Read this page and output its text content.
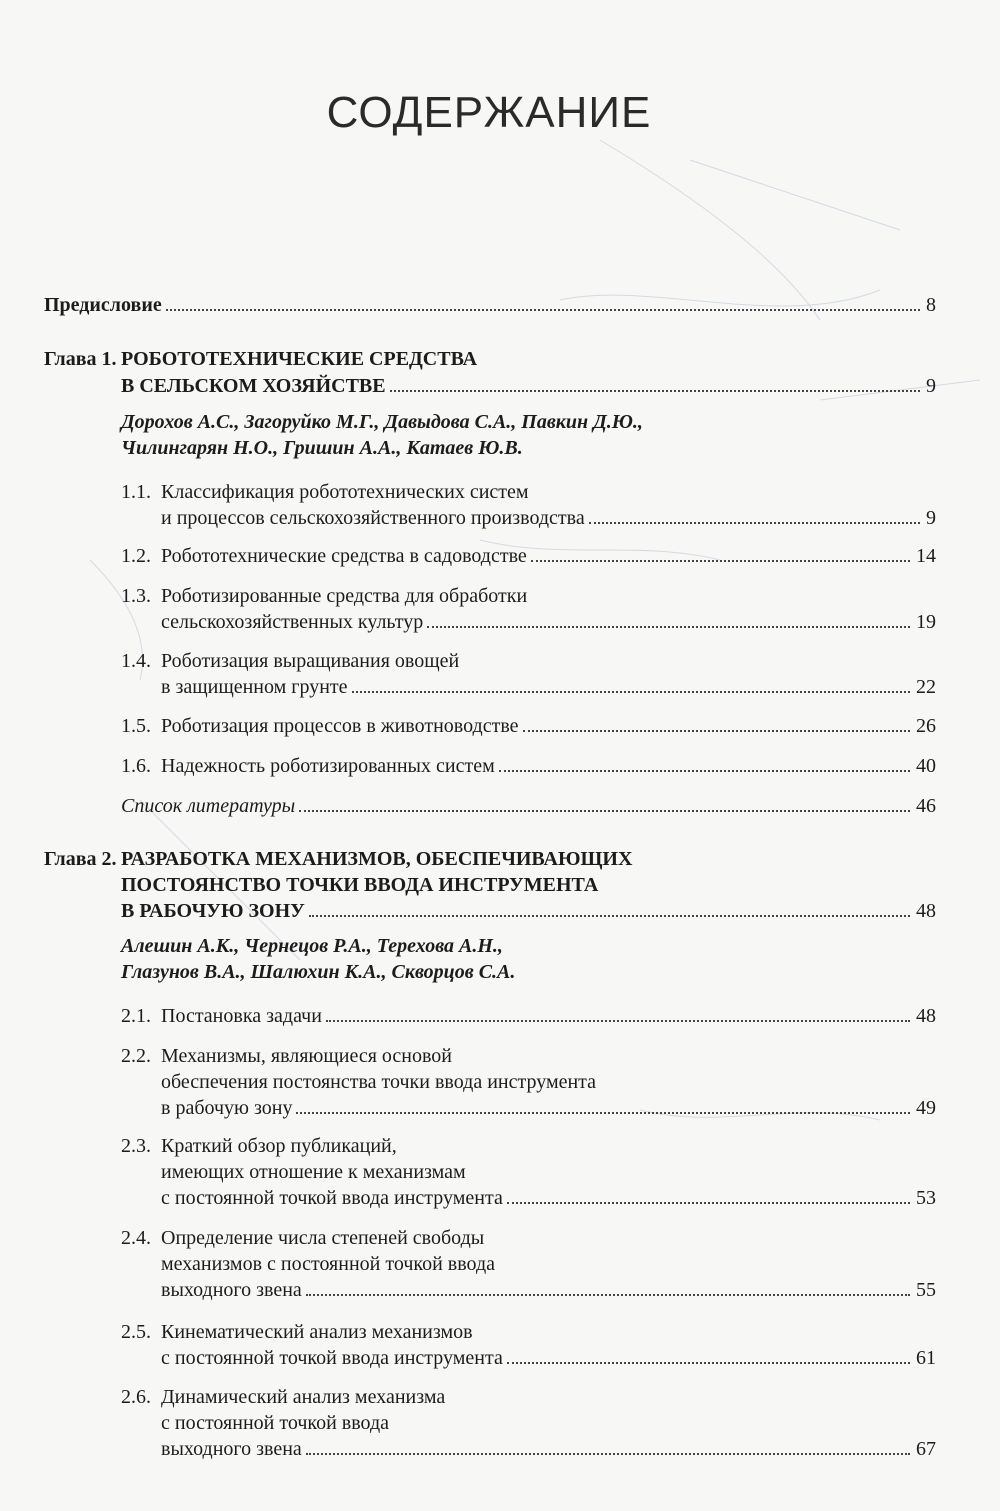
СОДЕРЖАНИЕ
Предисловие	8
Глава 1. РОБОТОТЕХНИЧЕСКИЕ СРЕДСТВА
В СЕЛЬСКОМ ХОЗЯЙСТВЕ	9
Дорохов А.С., Загоруйко М.Г., Давыдова С.А., Павкин Д.Ю.,
Чилингарян Н.О., Гришин А.А., Катаев Ю.В.
1.1. Классификация робототехнических систем
и процессов сельскохозяйственного производства	9
1.2. Робототехнические средства в садоводстве	14
1.3. Роботизированные средства для обработки
сельскохозяйственных культур	19
1.4. Роботизация выращивания овощей
в защищенном грунте	22
1.5. Роботизация процессов в животноводстве	26
1.6. Надежность роботизированных систем	40
Список литературы	46
Глава 2. РАЗРАБОТКА МЕХАНИЗМОВ, ОБЕСПЕЧИВАЮЩИХ
ПОСТОЯНСТВО ТОЧКИ ВВОДА ИНСТРУМЕНТА
В РАБОЧУЮ ЗОНУ	48
Алешин А.К., Чернецов Р.А., Терехова А.Н.,
Глазунов В.А., Шалюхин К.А., Скворцов С.А.
2.1. Постановка задачи	48
2.2. Механизмы, являющиеся основой
обеспечения постоянства точки ввода инструмента
в рабочую зону	49
2.3. Краткий обзор публикаций,
имеющих отношение к механизмам
с постоянной точкой ввода инструмента	53
2.4. Определение числа степеней свободы
механизмов с постоянной точкой ввода
выходного звена	55
2.5. Кинематический анализ механизмов
с постоянной точкой ввода инструмента	61
2.6. Динамический анализ механизма
с постоянной точкой ввода
выходного звена	67
